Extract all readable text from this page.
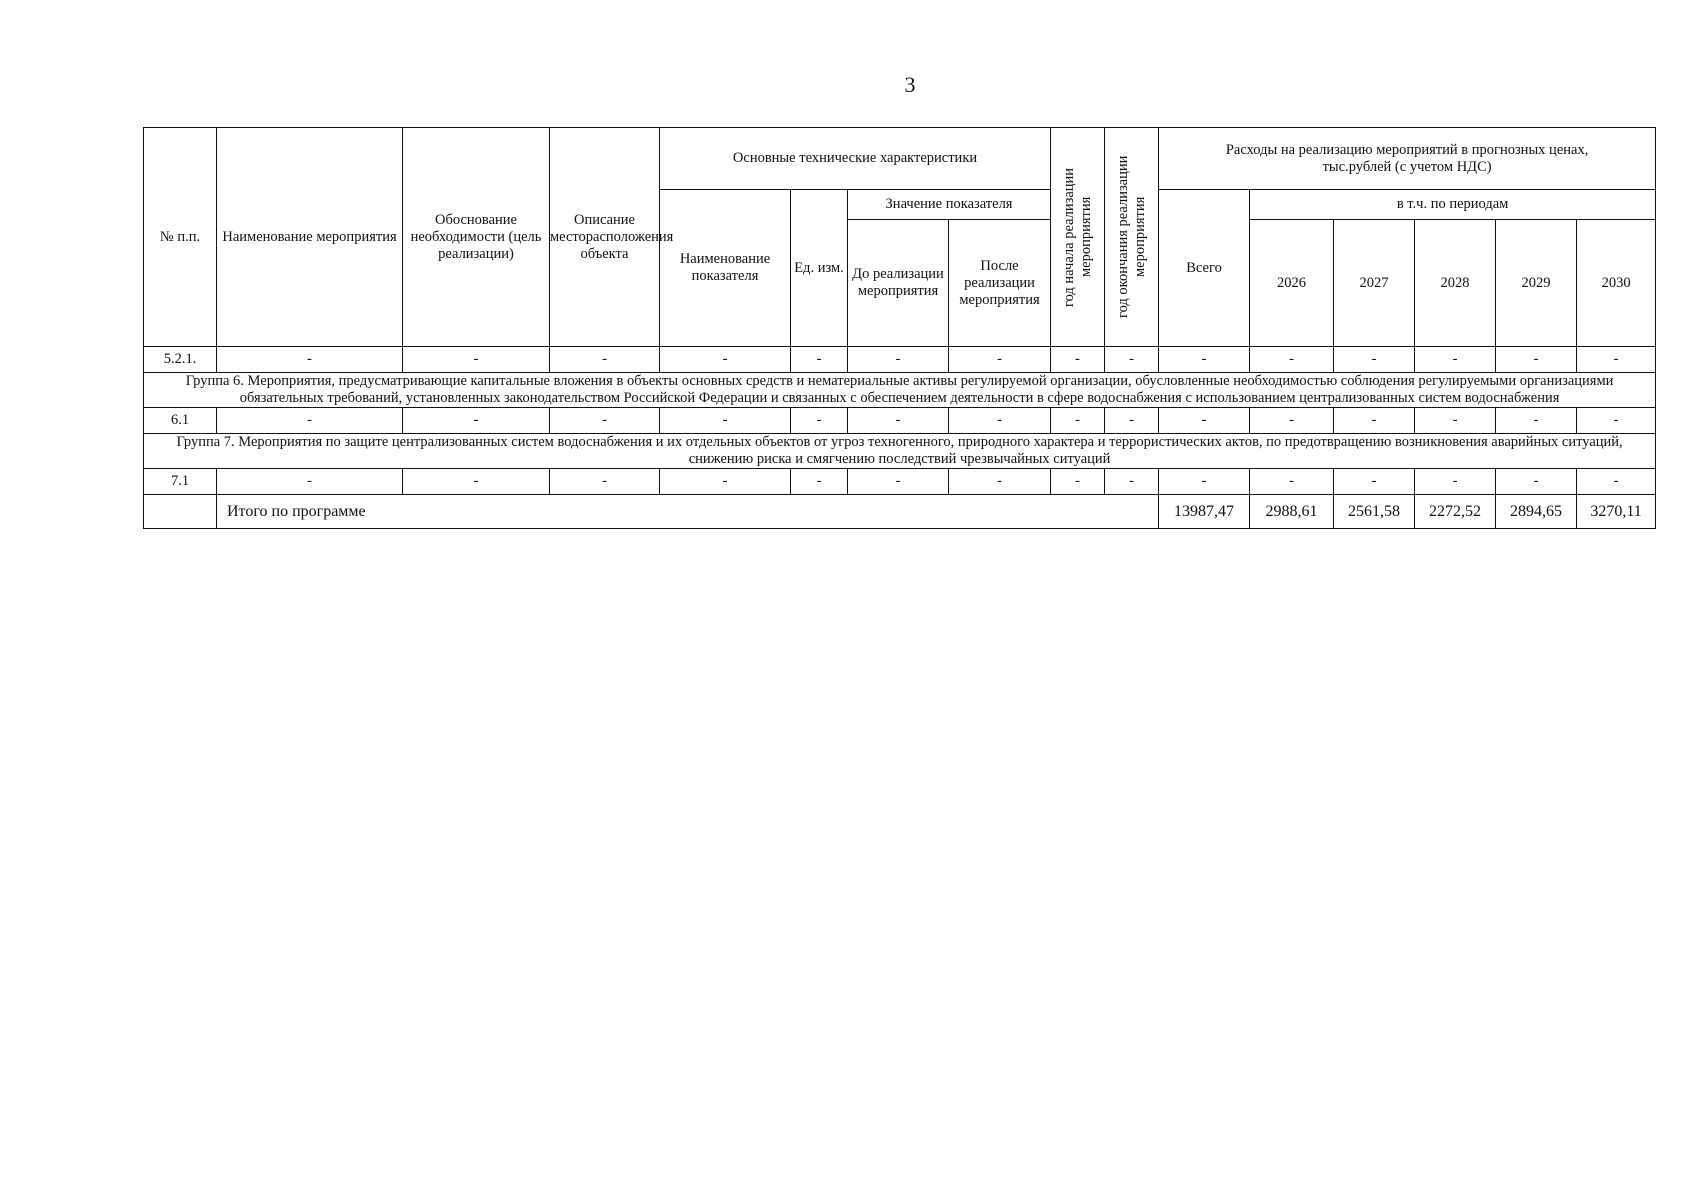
3
№ п.п.	Наименование мероприятия	Обоснование необходимости (цель реализации)	Описание месторасположения объекта	Основные технические характеристики				год начала реализации мероприятия	год окончания реализации мероприятия	Расходы на реализацию мероприятий в прогнозных ценах, тыс.рублей (с учетом НДС)					
				Наименование показателя	Ед. изм.	Значение показателя				Всего	в т.ч. по периодам				
						До реализации мероприятия	После реализации мероприятия				2026	2027	2028	2029	2030
5.2.1.	-	-	-	-	-	-	-	-	-	-	-	-	-	-	-
Группа 6. Мероприятия, предусматривающие капитальные вложения в объекты основных средств и нематериальные активы регулируемой организации, обусловленные необходимостью соблюдения регулируемыми организациями обязательных требований, установленных законодательством Российской Федерации и связанных с обеспечением деятельности в сфере водоснабжения с использованием централизованных систем водоснабжения															
6.1	-	-	-	-	-	-	-	-	-	-	-	-	-	-	-
Группа 7. Мероприятия по защите централизованных систем водоснабжения и их отдельных объектов от угроз техногенного, природного характера и террористических актов, по предотвращению возникновения аварийных ситуаций, снижению риска и смягчению последствий чрезвычайных ситуаций															
7.1	-	-	-	-	-	-	-	-	-	-	-	-	-	-	-
	Итого по программе									13987,47	2988,61	2561,58	2272,52	2894,65	3270,11
